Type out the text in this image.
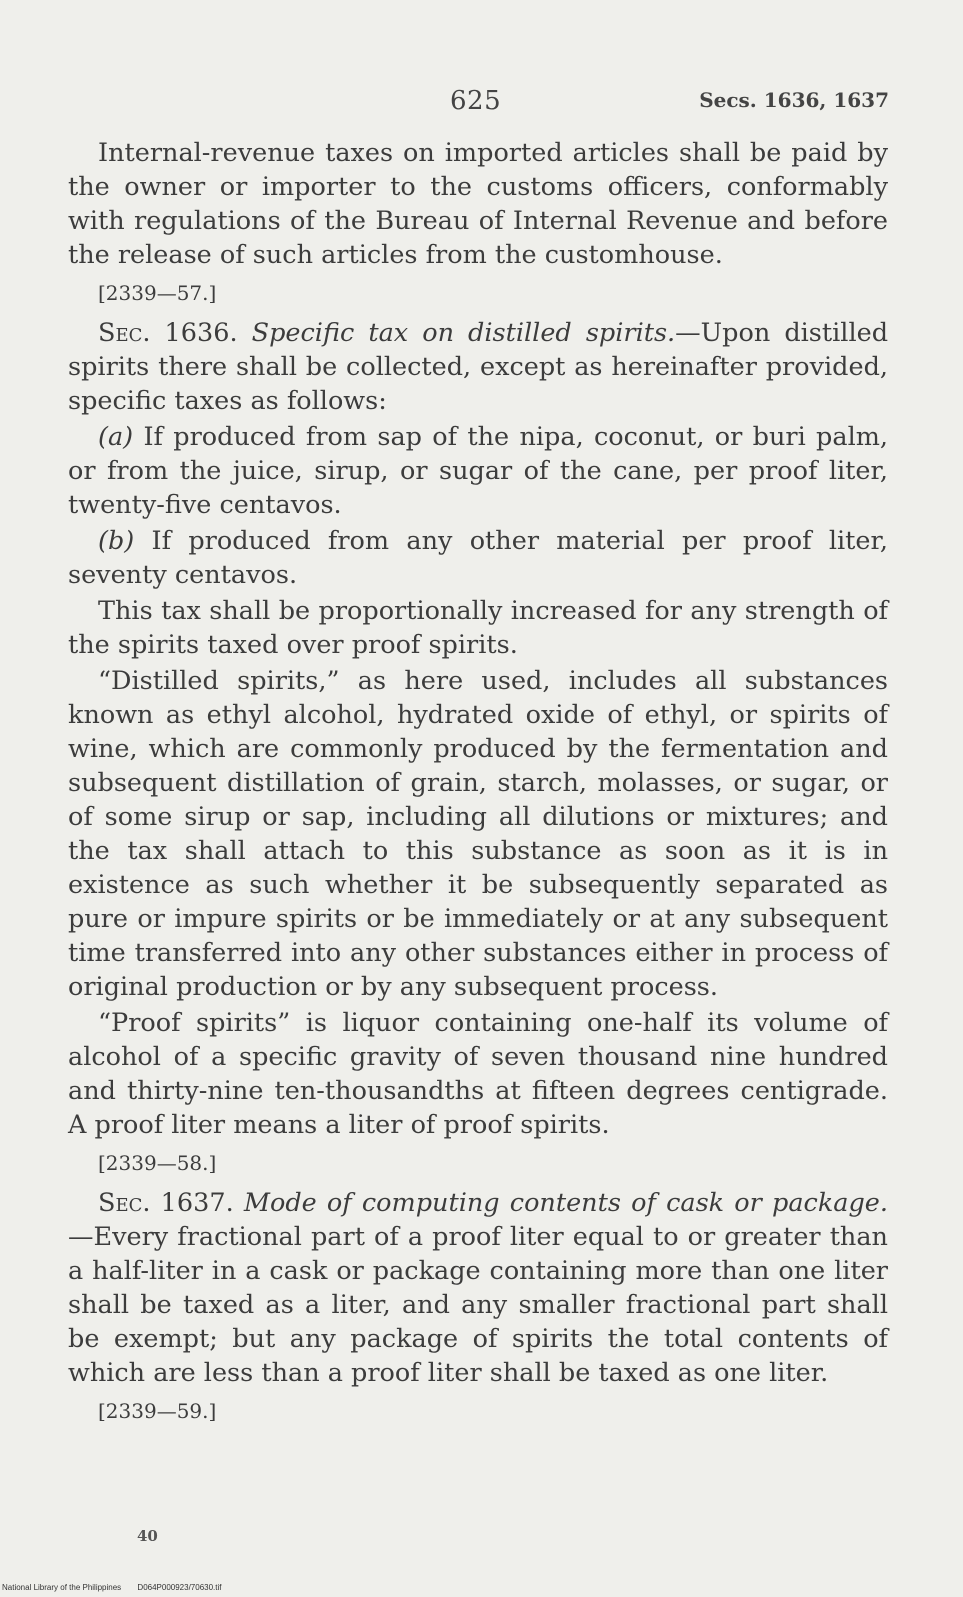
625	Secs. 1636, 1637

Internal-revenue taxes on imported articles shall be paid by the owner or importer to the customs officers, conformably with regulations of the Bureau of Internal Revenue and before the release of such articles from the customhouse.

[2339—57.]

Sec. 1636. Specific tax on distilled spirits.—Upon distilled spirits there shall be collected, except as hereinafter provided, specific taxes as follows:

(a) If produced from sap of the nipa, coconut, or buri palm, or from the juice, sirup, or sugar of the cane, per proof liter, twenty-five centavos.

(b) If produced from any other material per proof liter, seventy centavos.

This tax shall be proportionally increased for any strength of the spirits taxed over proof spirits.

“Distilled spirits,” as here used, includes all substances known as ethyl alcohol, hydrated oxide of ethyl, or spirits of wine, which are commonly produced by the fermentation and subsequent distillation of grain, starch, molasses, or sugar, or of some sirup or sap, including all dilutions or mixtures; and the tax shall attach to this substance as soon as it is in existence as such whether it be subsequently separated as pure or impure spirits or be immediately or at any subsequent time transferred into any other substances either in process of original production or by any subsequent process.

“Proof spirits” is liquor containing one-half its volume of alcohol of a specific gravity of seven thousand nine hundred and thirty-nine ten-thousandths at fifteen degrees centigrade. A proof liter means a liter of proof spirits.

[2339—58.]

Sec. 1637. Mode of computing contents of cask or package.—Every fractional part of a proof liter equal to or greater than a half-liter in a cask or package containing more than one liter shall be taxed as a liter, and any smaller fractional part shall be exempt; but any package of spirits the total contents of which are less than a proof liter shall be taxed as one liter.

[2339—59.]
40
National Library of the Philippines D064P000923/70630.tif
